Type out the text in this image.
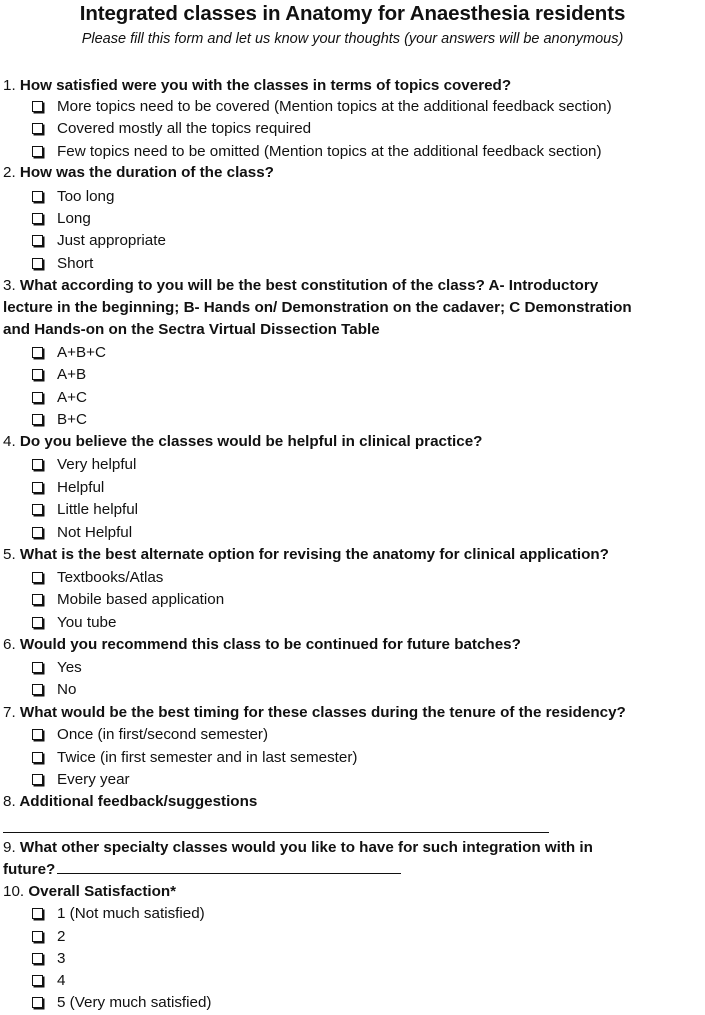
Integrated classes in Anatomy for Anaesthesia residents
Please fill this form and let us know your thoughts (your answers will be anonymous)
1. How satisfied were you with the classes in terms of topics covered?
More topics need to be covered (Mention topics at the additional feedback section)
Covered mostly all the topics required
Few topics need to be omitted (Mention topics at the additional feedback section)
2. How was the duration of the class?
Too long
Long
Just appropriate
Short
3. What according to you will be the best constitution of the class? A- Introductory
lecture in the beginning; B- Hands on/ Demonstration on the cadaver; C Demonstration
and Hands-on on the Sectra Virtual Dissection Table
A+B+C
A+B
A+C
B+C
4. Do you believe the classes would be helpful in clinical practice?
Very helpful
Helpful
Little helpful
Not Helpful
5. What is the best alternate option for revising the anatomy for clinical application?
Textbooks/Atlas
Mobile based application
You tube
6. Would you recommend this class to be continued for future batches?
Yes
No
7. What would be the best timing for these classes during the tenure of the residency?
Once (in first/second semester)
Twice (in first semester and in last semester)
Every year
8. Additional feedback/suggestions
9. What other specialty classes would you like to have for such integration with in
future?
10. Overall Satisfaction*
1 (Not much satisfied)
2
3
4
5 (Very much satisfied)
